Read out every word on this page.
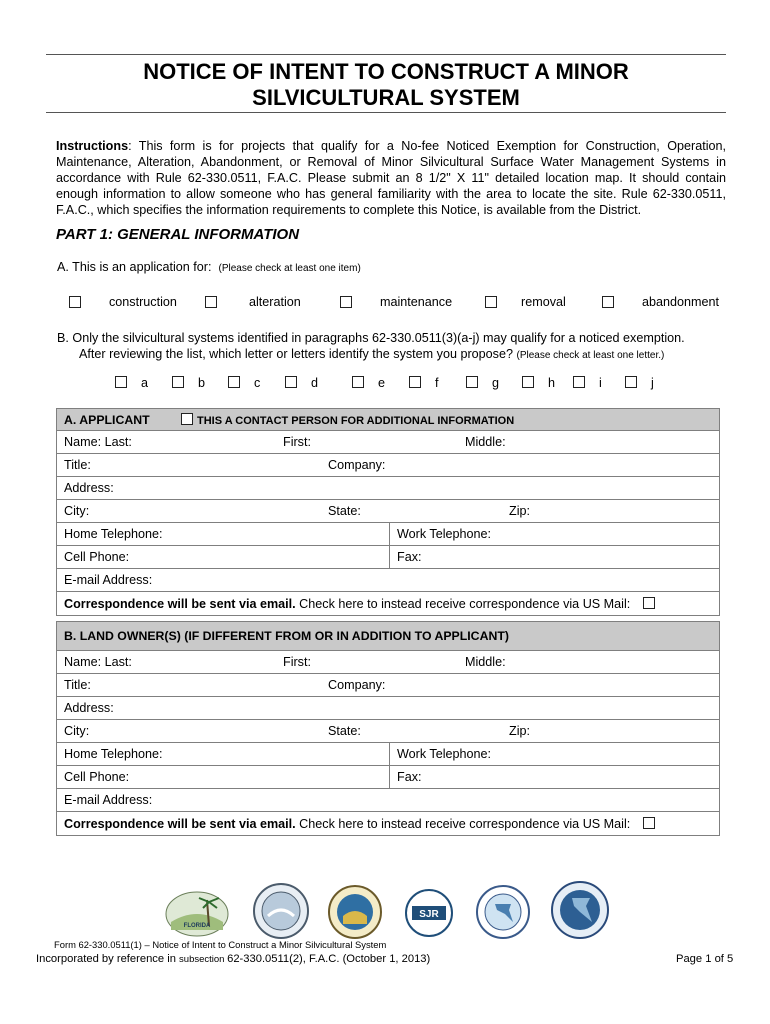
NOTICE OF INTENT TO CONSTRUCT A MINOR
SILVICULTURAL SYSTEM
Instructions: This form is for projects that qualify for a No-fee Noticed Exemption for Construction, Operation, Maintenance, Alteration, Abandonment, or Removal of Minor Silvicultural Surface Water Management Systems in accordance with Rule 62-330.0511, F.A.C. Please submit an 8 1/2" X 11" detailed location map. It should contain enough information to allow someone who has general familiarity with the area to locate the site. Rule 62-330.0511, F.A.C., which specifies the information requirements to complete this Notice, is available from the District.
PART 1: GENERAL INFORMATION
A. This is an application for: (Please check at least one item)
construction	alteration	maintenance	removal	abandonment
B. Only the silvicultural systems identified in paragraphs 62-330.0511(3)(a-j) may qualify for a noticed exemption.
After reviewing the list, which letter or letters identify the system you propose? (Please check at least one letter.)
a	b	c	d	e	f	g	h	i	j
A. APPLICANT THIS A CONTACT PERSON FOR ADDITIONAL INFORMATION	

Name: Last: First: Middle:	

Title: Company:	

Address:	
City: State: Zip:	

Home Telephone:	Work Telephone:
Cell Phone:	Fax:
E-mail Address:	
Correspondence will be sent via email. Check here to instead receive correspondence via US Mail:	
B. LAND OWNER(S) (IF DIFFERENT FROM OR IN ADDITION TO APPLICANT)	
Name: Last: First: Middle:	

Title: Company:	

Address:	
City: State: Zip:	

Home Telephone:	Work Telephone:
Cell Phone:	Fax:
E-mail Address:	
Correspondence will be sent via email. Check here to instead receive correspondence via US Mail:	
FLORIDA
SJR
Form 62-330.0511(1) – Notice of Intent to Construct a Minor Silvicultural System
Incorporated by reference in subsection 62-330.0511(2), F.A.C. (October 1, 2013)	Page 1 of 5
